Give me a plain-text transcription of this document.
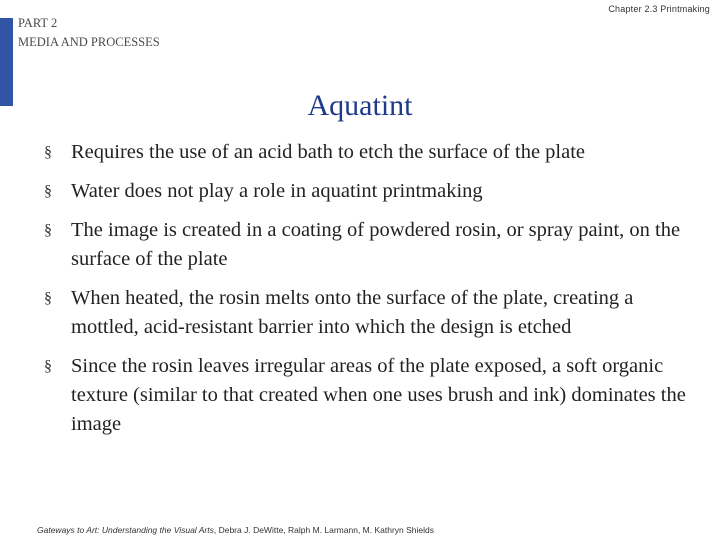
Chapter 2.3 Printmaking
PART 2
MEDIA AND PROCESSES
Aquatint
§ Requires the use of an acid bath to etch the surface of the plate
§ Water does not play a role in aquatint printmaking
§ The image is created in a coating of powdered rosin, or spray paint, on the surface of the plate
§ When heated, the rosin melts onto the surface of the plate, creating a mottled, acid-resistant barrier into which the design is etched
§ Since the rosin leaves irregular areas of the plate exposed, a soft organic texture (similar to that created when one uses brush and ink) dominates the image
Gateways to Art: Understanding the Visual Arts, Debra J. DeWitte, Ralph M. Larmann, M. Kathryn Shields
